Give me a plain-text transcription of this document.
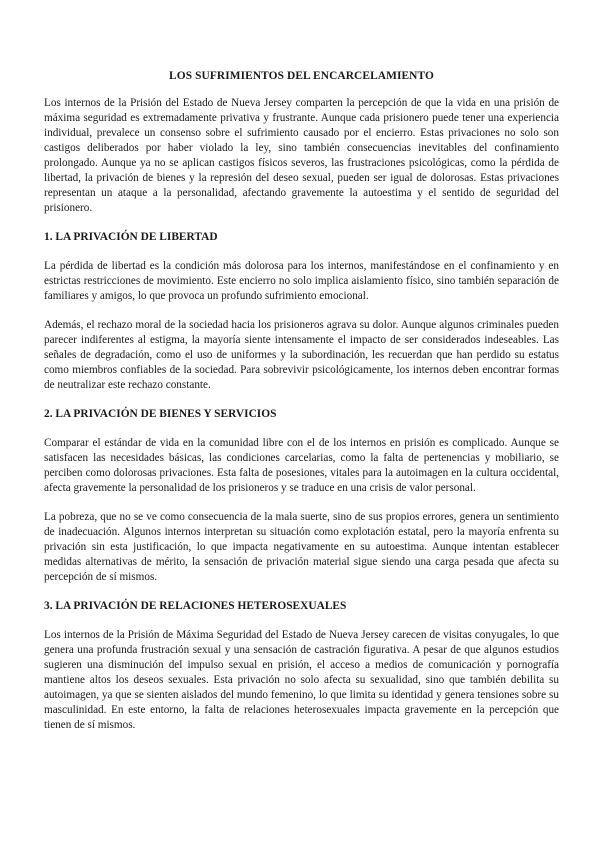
LOS SUFRIMIENTOS DEL ENCARCELAMIENTO

Los internos de la Prisión del Estado de Nueva Jersey comparten la percepción de que la vida en una prisión de máxima seguridad es extremadamente privativa y frustrante. Aunque cada prisionero puede tener una experiencia individual, prevalece un consenso sobre el sufrimiento causado por el encierro. Estas privaciones no solo son castigos deliberados por haber violado la ley, sino también consecuencias inevitables del confinamiento prolongado. Aunque ya no se aplican castigos físicos severos, las frustraciones psicológicas, como la pérdida de libertad, la privación de bienes y la represión del deseo sexual, pueden ser igual de dolorosas. Estas privaciones representan un ataque a la personalidad, afectando gravemente la autoestima y el sentido de seguridad del prisionero.

1. LA PRIVACIÓN DE LIBERTAD

La pérdida de libertad es la condición más dolorosa para los internos, manifestándose en el confinamiento y en estrictas restricciones de movimiento. Este encierro no solo implica aislamiento físico, sino también separación de familiares y amigos, lo que provoca un profundo sufrimiento emocional.

Además, el rechazo moral de la sociedad hacia los prisioneros agrava su dolor. Aunque algunos criminales pueden parecer indiferentes al estigma, la mayoría siente intensamente el impacto de ser considerados indeseables. Las señales de degradación, como el uso de uniformes y la subordinación, les recuerdan que han perdido su estatus como miembros confiables de la sociedad. Para sobrevivir psicológicamente, los internos deben encontrar formas de neutralizar este rechazo constante.

2. LA PRIVACIÓN DE BIENES Y SERVICIOS

Comparar el estándar de vida en la comunidad libre con el de los internos en prisión es complicado. Aunque se satisfacen las necesidades básicas, las condiciones carcelarias, como la falta de pertenencias y mobiliario, se perciben como dolorosas privaciones. Esta falta de posesiones, vitales para la autoimagen en la cultura occidental, afecta gravemente la personalidad de los prisioneros y se traduce en una crisis de valor personal.

La pobreza, que no se ve como consecuencia de la mala suerte, sino de sus propios errores, genera un sentimiento de inadecuación. Algunos internos interpretan su situación como explotación estatal, pero la mayoría enfrenta su privación sin esta justificación, lo que impacta negativamente en su autoestima. Aunque intentan establecer medidas alternativas de mérito, la sensación de privación material sigue siendo una carga pesada que afecta su percepción de sí mismos.

3. LA PRIVACIÓN DE RELACIONES HETEROSEXUALES

Los internos de la Prisión de Máxima Seguridad del Estado de Nueva Jersey carecen de visitas conyugales, lo que genera una profunda frustración sexual y una sensación de castración figurativa. A pesar de que algunos estudios sugieren una disminución del impulso sexual en prisión, el acceso a medios de comunicación y pornografía mantiene altos los deseos sexuales. Esta privación no solo afecta su sexualidad, sino que también debilita su autoimagen, ya que se sienten aislados del mundo femenino, lo que limita su identidad y genera tensiones sobre su masculinidad. En este entorno, la falta de relaciones heterosexuales impacta gravemente en la percepción que tienen de sí mismos.
